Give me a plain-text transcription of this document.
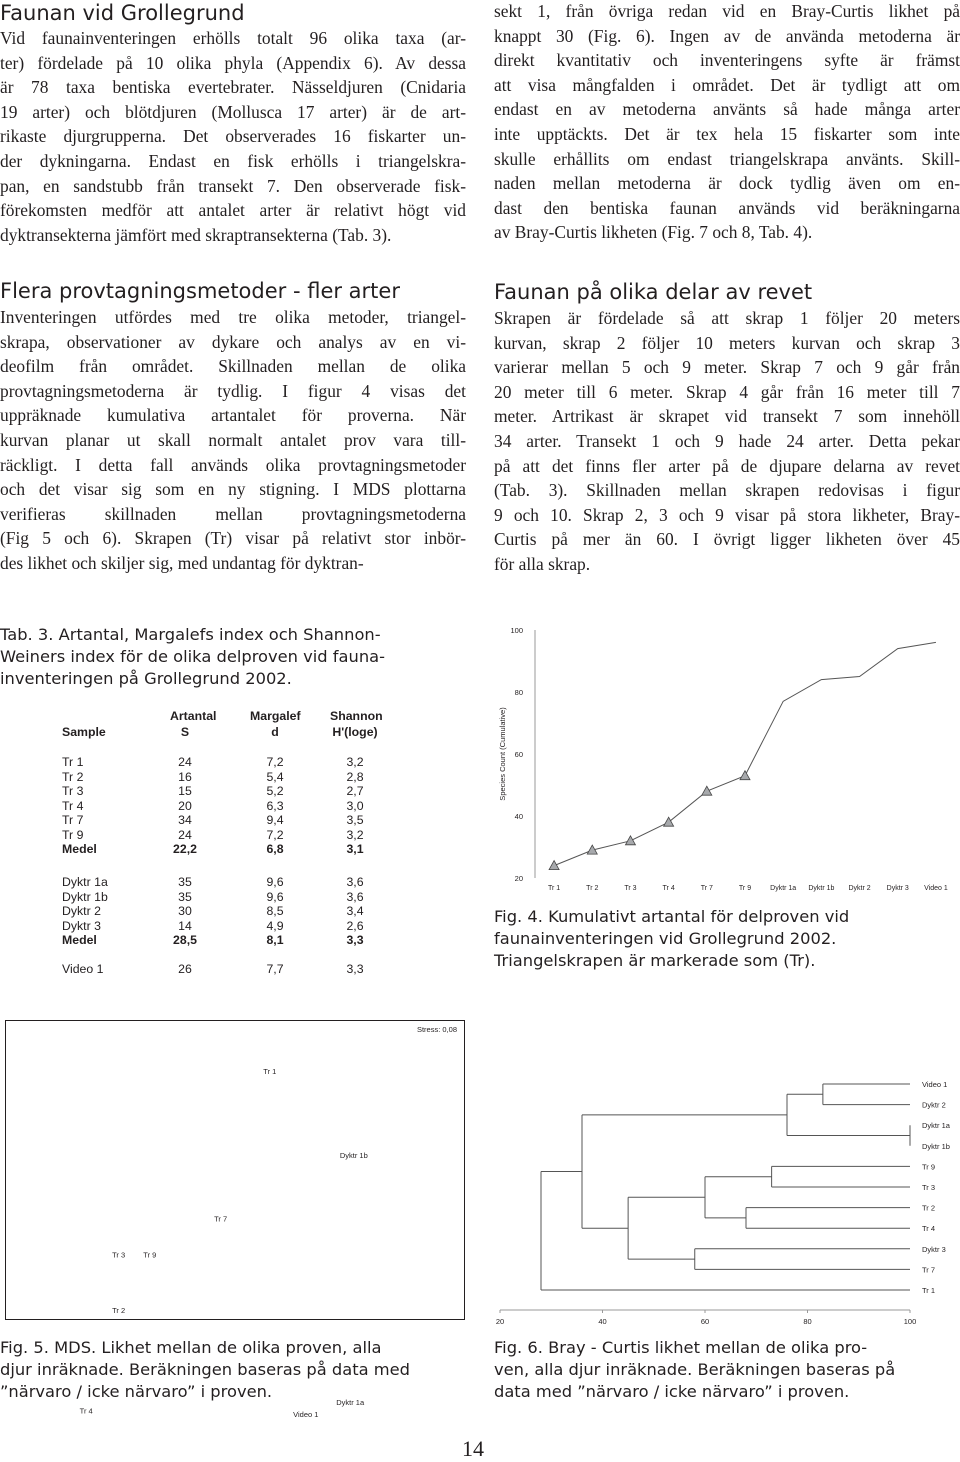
Faunan vid Grollegrund
Vid faunainventeringen erhölls totalt 96 olika taxa (ar-
ter) fördelade på 10 olika phyla (Appendix 6). Av dessa
är 78 taxa bentiska evertebrater. Nässeldjuren (Cnidaria
19 arter) och blötdjuren (Mollusca 17 arter) är de art-
rikaste djurgrupperna. Det observerades 16 fiskarter un-
der dykningarna. Endast en fisk erhölls i triangelskra-
pan, en sandstubb från transekt 7. Den observerade fisk-
förekomsten medför att antalet arter är relativt högt vid
dyktransekterna jämfört med skraptransekterna (Tab. 3).
Flera provtagningsmetoder - fler arter
Inventeringen utfördes med tre olika metoder, triangel-
skrapa, observationer av dykare och analys av en vi-
deofilm från området. Skillnaden mellan de olika
provtagningsmetoderna är tydlig. I figur 4 visas det
uppräknade kumulativa artantalet för proverna. När
kurvan planar ut skall normalt antalet prov vara till-
räckligt. I detta fall används olika provtagningsmetoder
och det visar sig som en ny stigning. I MDS plottarna
verifieras skillnaden mellan provtagningsmetoderna
(Fig 5 och 6). Skrapen (Tr) visar på relativt stor inbör-
des likhet och skiljer sig, med undantag för dyktran-
sekt 1, från övriga redan vid en Bray-Curtis likhet på
knappt 30 (Fig. 6). Ingen av de använda metoderna är
direkt kvantitativ och inventeringens syfte är främst
att visa mångfalden i området. Det är tydligt att om
endast en av metoderna använts så hade många arter
inte upptäckts. Det är tex hela 15 fiskarter som inte
skulle erhållits om endast triangelskrapa använts. Skill-
naden mellan metoderna är dock tydlig även om en-
dast den bentiska faunan används vid beräkningarna
av Bray-Curtis likheten (Fig. 7 och 8, Tab. 4).
Faunan på olika delar av revet
Skrapen är fördelade så att skrap 1 följer 20 meters
kurvan, skrap 2 följer 10 meters kurvan och skrap 3
varierar mellan 5 och 9 meter. Skrap 7 och 9 går från
20 meter till 6 meter. Skrap 4 går från 16 meter till 7
meter. Artrikast är skrapet vid transekt 7 som innehöll
34 arter. Transekt 1 och 9 hade 24 arter. Detta pekar
på att det finns fler arter på de djupare delarna av revet
(Tab. 3). Skillnaden mellan skrapen redovisas i figur
9 och 10. Skrap 2, 3 och 9 visar på stora likheter, Bray-
Curtis på mer än 60. I övrigt ligger likheten över 45
för alla skrap.
Tab. 3. Artantal, Margalefs index och Shannon-
Weiners index för de olika delproven vid fauna-
inventeringen på Grollegrund 2002.
Artantal	Margalef Shannon
Sample	S	d	H'(loge)
Tr 1	24	7,2	3,2
Tr 2	16	5,4	2,8
Tr 3	15	5,2	2,7
Tr 4	20	6,3	3,0
Tr 7	34	9,4	3,5
Tr 9	24	7,2	3,2
Medel	22,2	6,8	3,1
Dyktr 1a	35	9,6	3,6
Dyktr 1b	35	9,6	3,6
Dyktr 2	30	8,5	3,4
Dyktr 3	14	4,9	2,6
Medel	28,5	8,1	3,3
Video 1	26	7,7	3,3
20
40
60
80
100
Species Count (Cumulative)
Tr 1	Tr 2	Tr 3	Tr 4	Tr 7	Tr 9	Dyktr 1a Dyktr 1b Dyktr 2 Dyktr 3 Video 1
Fig. 4. Kumulativt artantal för delproven vid
faunainventeringen vid Grollegrund 2002.
Triangelskrapen är markerade som (Tr).
Stress: 0,08
Tr 1
Dyktr 1b
Tr 7
Tr 3 Tr 9
Tr 2
Tr 4	Video 1
Dyktr 1a
Fig. 5. MDS. Likhet mellan de olika proven, alla
djur inräknade. Beräkningen baseras på data med
”närvaro / icke närvaro” i proven.
Video 1
Dyktr 2
Dyktr 1a
Dyktr 1b
Tr 9
Tr 3
Tr 2
Tr 4
Dyktr 3
Tr 7
Tr 1
20	40	60	80	100
Fig. 6. Bray - Curtis likhet mellan de olika pro-
ven, alla djur inräknade. Beräkningen baseras på
data med ”närvaro / icke närvaro” i proven.
14
